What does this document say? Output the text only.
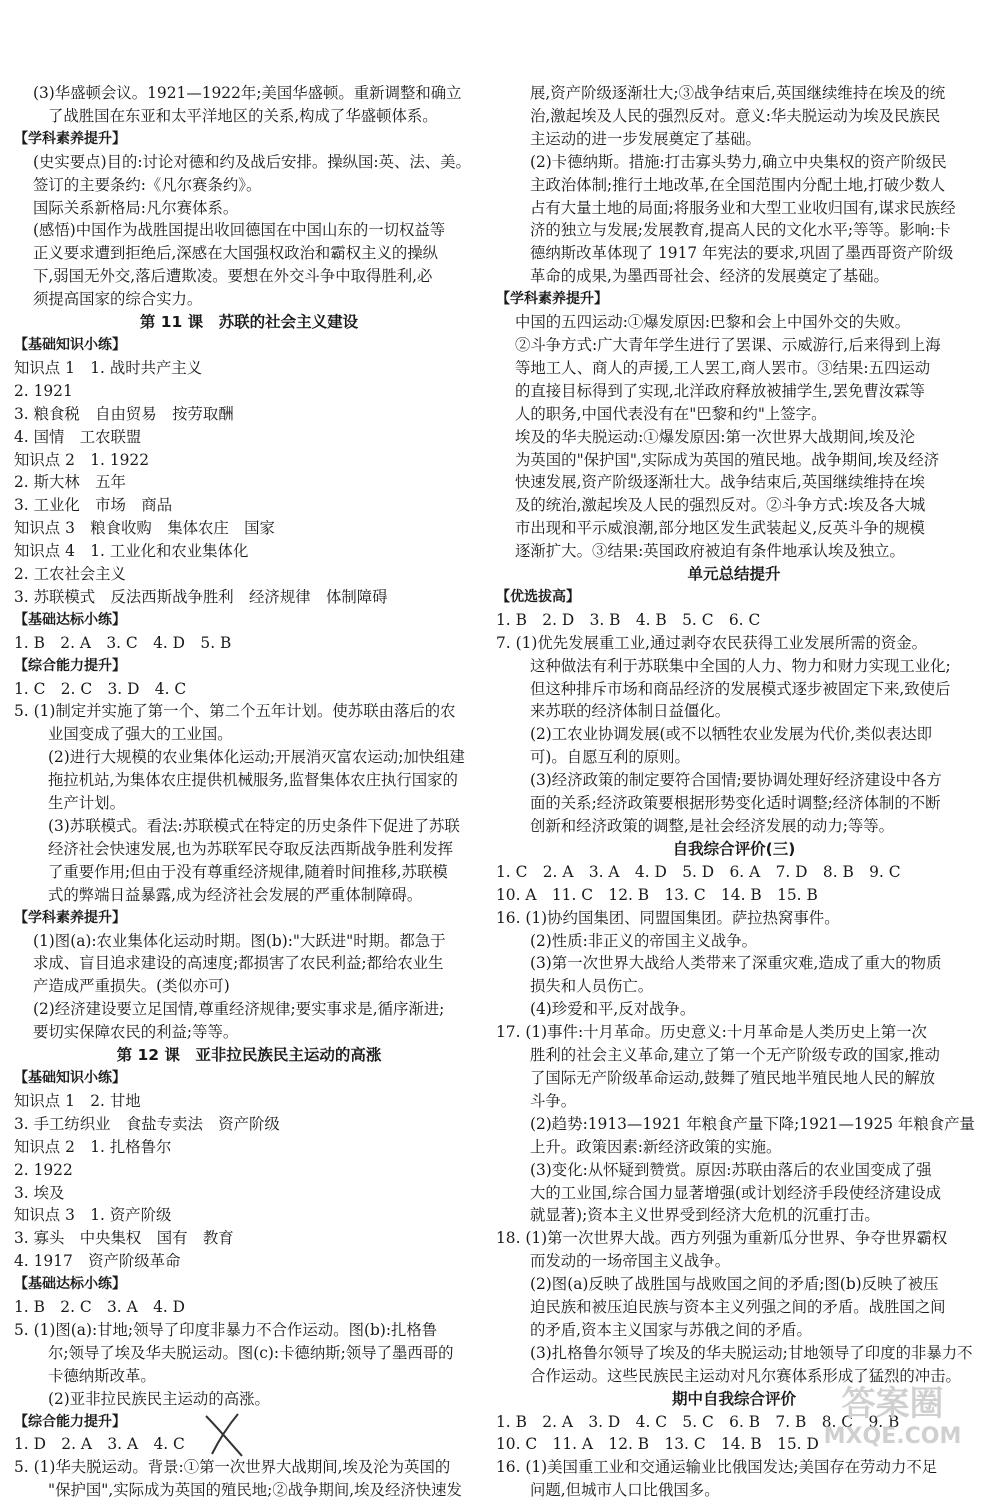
(3)华盛顿会议。1921—1922年;美国华盛顿。重新调整和确立
了战胜国在东亚和太平洋地区的关系,构成了华盛顿体系。
【学科素养提升】
(史实要点)目的:讨论对德和约及战后安排。操纵国:英、法、美。
签订的主要条约:《凡尔赛条约》。
国际关系新格局:凡尔赛体系。
(感悟)中国作为战胜国提出收回德国在中国山东的一切权益等
正义要求遭到拒绝后,深感在大国强权政治和霸权主义的操纵
下,弱国无外交,落后遭欺凌。要想在外交斗争中取得胜利,必
须提高国家的综合实力。
第 11 课　苏联的社会主义建设
【基础知识小练】
知识点 1　1. 战时共产主义
2. 1921
3. 粮食税　自由贸易　按劳取酬
4. 国情　工农联盟
知识点 2　1. 1922
2. 斯大林　五年
3. 工业化　市场　商品
知识点 3　粮食收购　集体农庄　国家
知识点 4　1. 工业化和农业集体化
2. 工农社会主义
3. 苏联模式　反法西斯战争胜利　经济规律　体制障碍
【基础达标小练】
1. B　2. A　3. C　4. D　5. B
【综合能力提升】
1. C　2. C　3. D　4. C
5. (1)制定并实施了第一个、第二个五年计划。使苏联由落后的农
业国变成了强大的工业国。
(2)进行大规模的农业集体化运动;开展消灭富农运动;加快组建
拖拉机站,为集体农庄提供机械服务,监督集体农庄执行国家的
生产计划。
(3)苏联模式。看法:苏联模式在特定的历史条件下促进了苏联
经济社会快速发展,也为苏联军民夺取反法西斯战争胜利发挥
了重要作用;但由于没有尊重经济规律,随着时间推移,苏联模
式的弊端日益暴露,成为经济社会发展的严重体制障碍。
【学科素养提升】
(1)图(a):农业集体化运动时期。图(b):"大跃进"时期。都急于
求成、盲目追求建设的高速度;都损害了农民利益;都给农业生
产造成严重损失。(类似亦可)
(2)经济建设要立足国情,尊重经济规律;要实事求是,循序渐进;
要切实保障农民的利益;等等。
第 12 课　亚非拉民族民主运动的高涨
【基础知识小练】
知识点 1　2. 甘地
3. 手工纺织业　食盐专卖法　资产阶级
知识点 2　1. 扎格鲁尔
2. 1922
3. 埃及
知识点 3　1. 资产阶级
3. 寡头　中央集权　国有　教育
4. 1917　资产阶级革命
【基础达标小练】
1. B　2. C　3. A　4. D
5. (1)图(a):甘地;领导了印度非暴力不合作运动。图(b):扎格鲁
尔;领导了埃及华夫脱运动。图(c):卡德纳斯;领导了墨西哥的
卡德纳斯改革。
(2)亚非拉民族民主运动的高涨。
【综合能力提升】
1. D　2. A　3. A　4. C
5. (1)华夫脱运动。背景:①第一次世界大战期间,埃及沦为英国的
"保护国",实际成为英国的殖民地;②战争期间,埃及经济快速发
展,资产阶级逐渐壮大;③战争结束后,英国继续维持在埃及的统
治,激起埃及人民的强烈反对。意义:华夫脱运动为埃及民族民
主运动的进一步发展奠定了基础。
(2)卡德纳斯。措施:打击寡头势力,确立中央集权的资产阶级民
主政治体制;推行土地改革,在全国范围内分配土地,打破少数人
占有大量土地的局面;将服务业和大型工业收归国有,谋求民族经
济的独立与发展;发展教育,提高人民的文化水平;等等。影响:卡
德纳斯改革体现了 1917 年宪法的要求,巩固了墨西哥资产阶级
革命的成果,为墨西哥社会、经济的发展奠定了基础。
【学科素养提升】
中国的五四运动:①爆发原因:巴黎和会上中国外交的失败。
②斗争方式:广大青年学生进行了罢课、示威游行,后来得到上海
等地工人、商人的声援,工人罢工,商人罢市。③结果:五四运动
的直接目标得到了实现,北洋政府释放被捕学生,罢免曹汝霖等
人的职务,中国代表没有在"巴黎和约"上签字。
埃及的华夫脱运动:①爆发原因:第一次世界大战期间,埃及沦
为英国的"保护国",实际成为英国的殖民地。战争期间,埃及经济
快速发展,资产阶级逐渐壮大。战争结束后,英国继续维持在埃
及的统治,激起埃及人民的强烈反对。②斗争方式:埃及各大城
市出现和平示威浪潮,部分地区发生武装起义,反英斗争的规模
逐渐扩大。③结果:英国政府被迫有条件地承认埃及独立。
单元总结提升
【优选拔高】
1. B　2. D　3. B　4. B　5. C　6. C
7. (1)优先发展重工业,通过剥夺农民获得工业发展所需的资金。
这种做法有利于苏联集中全国的人力、物力和财力实现工业化;
但这种排斥市场和商品经济的发展模式逐步被固定下来,致使后
来苏联的经济体制日益僵化。
(2)工农业协调发展(或不以牺牲农业发展为代价,类似表达即
可)。自愿互利的原则。
(3)经济政策的制定要符合国情;要协调处理好经济建设中各方
面的关系;经济政策要根据形势变化适时调整;经济体制的不断
创新和经济政策的调整,是社会经济发展的动力;等等。
自我综合评价(三)
1. C　2. A　3. A　4. D　5. D　6. A　7. D　8. B　9. C
10. A　11. C　12. B　13. C　14. B　15. B
16. (1)协约国集团、同盟国集团。萨拉热窝事件。
(2)性质:非正义的帝国主义战争。
(3)第一次世界大战给人类带来了深重灾难,造成了重大的物质
损失和人员伤亡。
(4)珍爱和平,反对战争。
17. (1)事件:十月革命。历史意义:十月革命是人类历史上第一次
胜利的社会主义革命,建立了第一个无产阶级专政的国家,推动
了国际无产阶级革命运动,鼓舞了殖民地半殖民地人民的解放
斗争。
(2)趋势:1913—1921 年粮食产量下降;1921—1925 年粮食产量
上升。政策因素:新经济政策的实施。
(3)变化:从怀疑到赞赏。原因:苏联由落后的农业国变成了强
大的工业国,综合国力显著增强(或计划经济手段使经济建设成
就显著);资本主义世界受到经济大危机的沉重打击。
18. (1)第一次世界大战。西方列强为重新瓜分世界、争夺世界霸权
而发动的一场帝国主义战争。
(2)图(a)反映了战胜国与战败国之间的矛盾;图(b)反映了被压
迫民族和被压迫民族与资本主义列强之间的矛盾。战胜国之间
的矛盾,资本主义国家与苏俄之间的矛盾。
(3)扎格鲁尔领导了埃及的华夫脱运动;甘地领导了印度的非暴力不
合作运动。这些民族民主运动对凡尔赛体系形成了猛烈的冲击。
期中自我综合评价
1. B　2. A　3. D　4. C　5. C　6. B　7. B　8. C　9. B
10. C　11. A　12. B　13. C　14. B　15. D
16. (1)美国重工业和交通运输业比俄国发达;美国存在劳动力不足
问题,但城市人口比俄国多。
答案圈
MXQE.COM
